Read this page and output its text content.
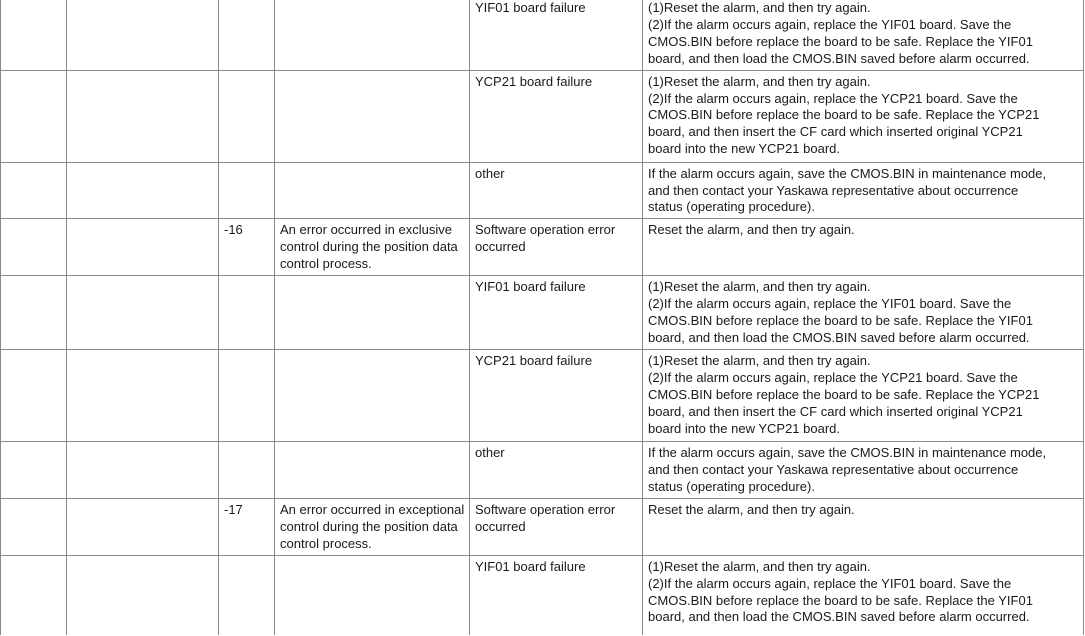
				YIF01 board failure	(1)Reset the alarm, and then try again.
(2)If the alarm occurs again, replace the YIF01 board. Save the
CMOS.BIN before replace the board to be safe. Replace the YIF01
board, and then load the CMOS.BIN saved before alarm occurred.

				YCP21 board failure	(1)Reset the alarm, and then try again.
(2)If the alarm occurs again, replace the YCP21 board. Save the
CMOS.BIN before replace the board to be safe. Replace the YCP21
board, and then insert the CF card which inserted original YCP21
board into the new YCP21 board.

				other	If the alarm occurs again, save the CMOS.BIN in maintenance mode,
and then contact your Yaskawa representative about occurrence
status (operating procedure).

		-16	An error occurred in exclusive control during the position data control process.	Software operation error occurred	Reset the alarm, and then try again.

				YIF01 board failure	(1)Reset the alarm, and then try again.
(2)If the alarm occurs again, replace the YIF01 board. Save the
CMOS.BIN before replace the board to be safe. Replace the YIF01
board, and then load the CMOS.BIN saved before alarm occurred.

				YCP21 board failure	(1)Reset the alarm, and then try again.
(2)If the alarm occurs again, replace the YCP21 board. Save the
CMOS.BIN before replace the board to be safe. Replace the YCP21
board, and then insert the CF card which inserted original YCP21
board into the new YCP21 board.

				other	If the alarm occurs again, save the CMOS.BIN in maintenance mode,
and then contact your Yaskawa representative about occurrence
status (operating procedure).

		-17	An error occurred in exceptional control during the position data control process.	Software operation error occurred	Reset the alarm, and then try again.

				YIF01 board failure	(1)Reset the alarm, and then try again.
(2)If the alarm occurs again, replace the YIF01 board. Save the
CMOS.BIN before replace the board to be safe. Replace the YIF01
board, and then load the CMOS.BIN saved before alarm occurred.
